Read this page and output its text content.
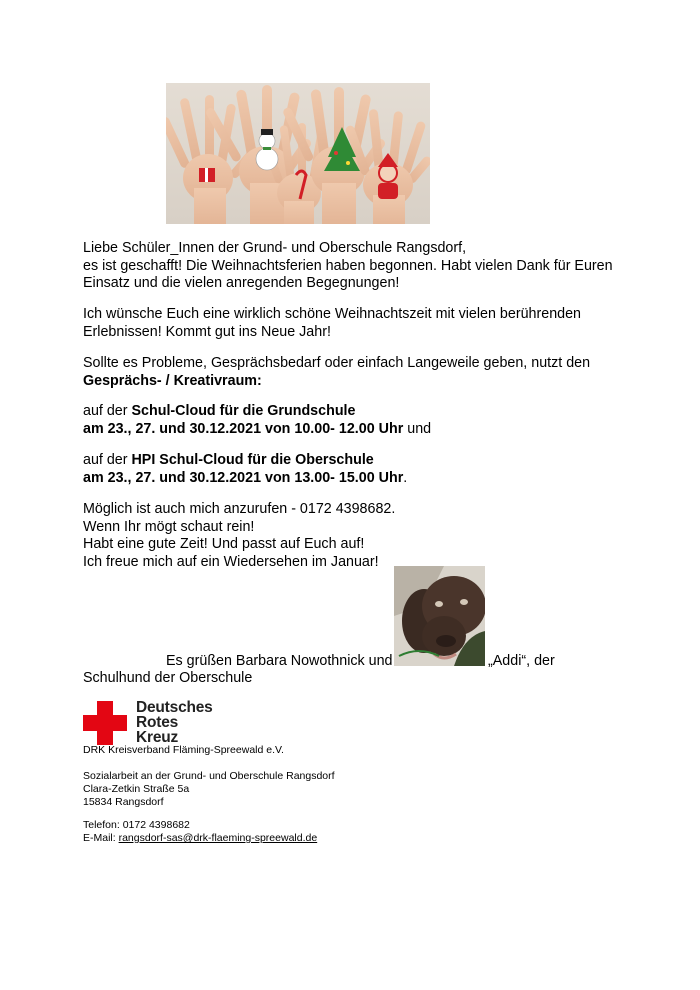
Liebe Schüler_Innen der Grund- und Oberschule Rangsdorf,
es ist geschafft! Die Weihnachtsferien haben begonnen. Habt vielen Dank für Euren
Einsatz und die vielen anregenden Begegnungen!

Ich wünsche Euch eine wirklich schöne Weihnachtszeit mit vielen berührenden
Erlebnissen! Kommt gut ins Neue Jahr!

Sollte es Probleme, Gesprächsbedarf oder einfach Langeweile geben, nutzt den
Gesprächs- / Kreativraum:

auf der Schul-Cloud für die Grundschule
am 23., 27. und 30.12.2021 von 10.00- 12.00 Uhr und

auf der HPI Schul-Cloud für die Oberschule
am 23., 27. und 30.12.2021 von 13.00- 15.00 Uhr.

Möglich ist auch mich anzurufen - 0172 4398682.
Wenn Ihr mögt schaut rein!
Habt eine gute Zeit! Und passt auf Euch auf!
Ich freue mich auf ein Wiedersehen im Januar!

Es grüßen Barbara Nowothnick und	„Addi“, der
Schulhund der Oberschule
Deutsches
Rotes
Kreuz
DRK Kreisverband Fläming-Spreewald e.V.
Sozialarbeit an der Grund- und Oberschule Rangsdorf
Clara-Zetkin Straße 5a
15834 Rangsdorf
Telefon: 0172 4398682
E-Mail: rangsdorf-sas@drk-flaeming-spreewald.de
